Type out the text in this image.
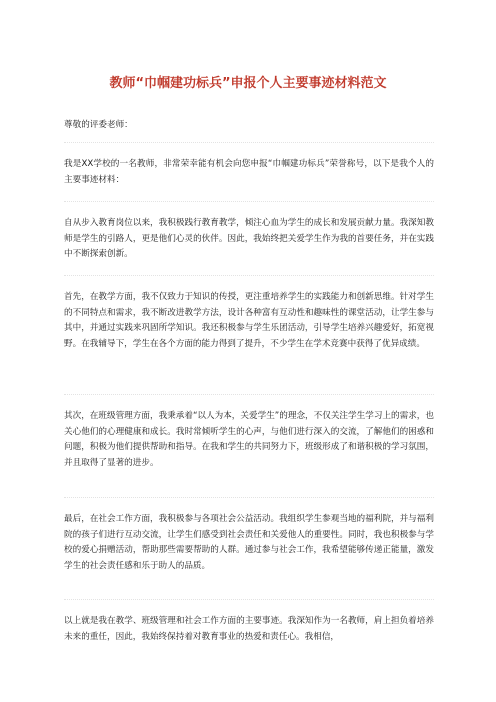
教师“巾帼建功标兵”申报个人主要事迹材料范文

尊敬的评委老师：

我是XX学校的一名教师，非常荣幸能有机会向您申报“巾帼建功标兵”荣誉称号，以下是我个人的主要事迹材料：

自从步入教育岗位以来，我积极践行教育教学，倾注心血为学生的成长和发展贡献力量。我深知教师是学生的引路人，更是他们心灵的伙伴。因此，我始终把关爱学生作为我的首要任务，并在实践中不断探索创新。

首先，在教学方面，我不仅致力于知识的传授，更注重培养学生的实践能力和创新思维。针对学生的不同特点和需求，我不断改进教学方法，设计各种富有互动性和趣味性的课堂活动，让学生参与其中，并通过实践来巩固所学知识。我还积极参与学生乐团活动，引导学生培养兴趣爱好，拓宽视野。在我辅导下，学生在各个方面的能力得到了提升，不少学生在学术竞赛中获得了优异成绩。

其次，在班级管理方面，我秉承着“以人为本，关爱学生”的理念，不仅关注学生学习上的需求，也关心他们的心理健康和成长。我时常倾听学生的心声，与他们进行深入的交流，了解他们的困惑和问题，积极为他们提供帮助和指导。在我和学生的共同努力下，班级形成了和谐积极的学习氛围，并且取得了显著的进步。

最后，在社会工作方面，我积极参与各项社会公益活动。我组织学生参观当地的福利院，并与福利院的孩子们进行互动交流，让学生们感受到社会责任和关爱他人的重要性。同时，我也积极参与学校的爱心捐赠活动，帮助那些需要帮助的人群。通过参与社会工作，我希望能够传递正能量，激发学生的社会责任感和乐于助人的品质。

以上就是我在教学、班级管理和社会工作方面的主要事迹。我深知作为一名教师，肩上担负着培养未来的重任，因此，我始终保持着对教育事业的热爱和责任心。我相信，
